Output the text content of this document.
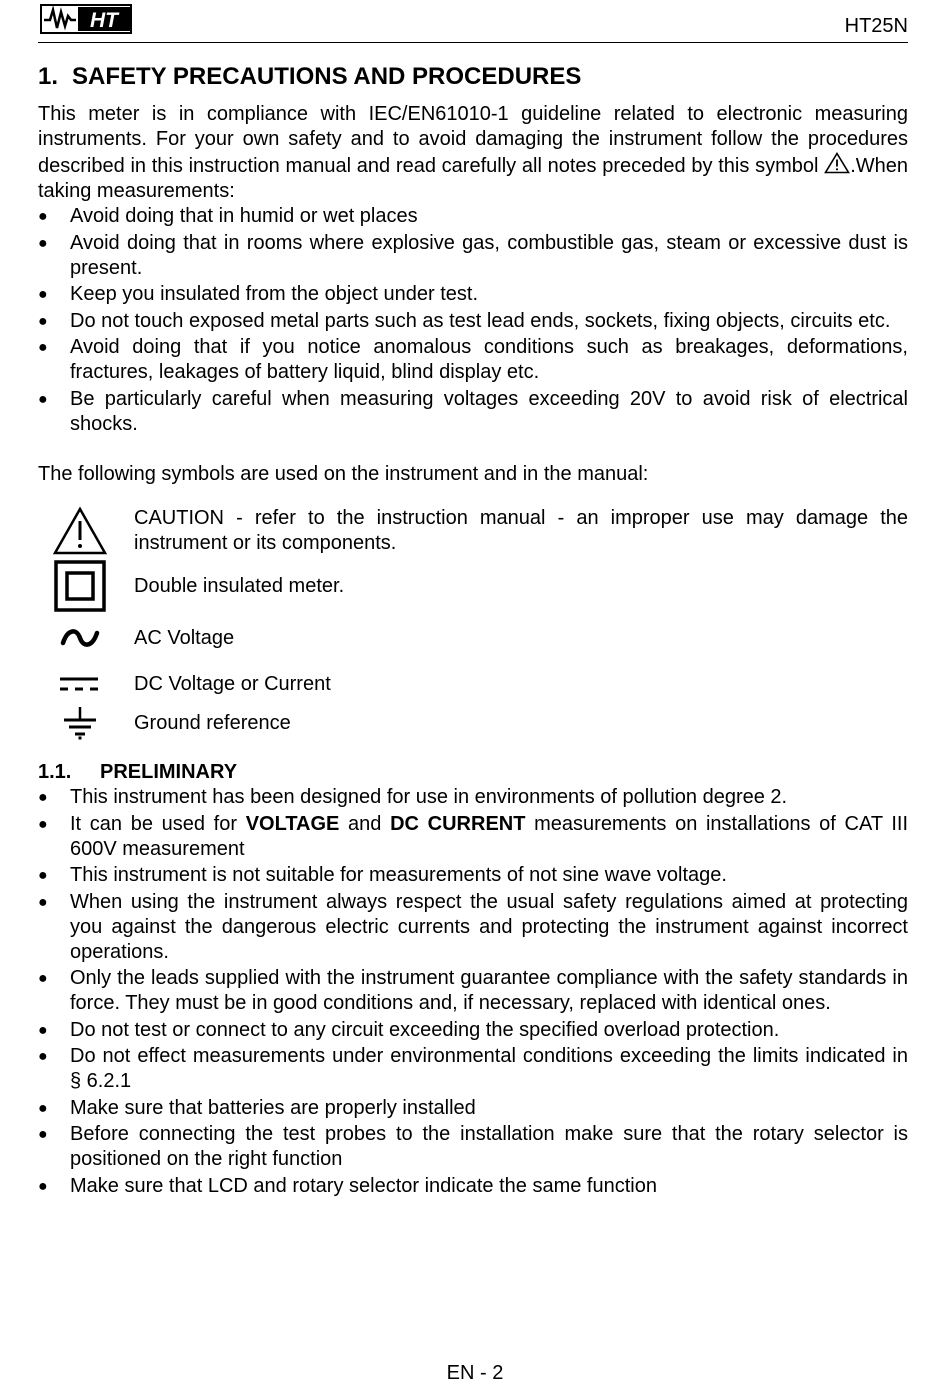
HT	HT25N
1. SAFETY PRECAUTIONS AND PROCEDURES

This meter is in compliance with IEC/EN61010-1 guideline related to electronic measuring instruments. For your own safety and to avoid damaging the instrument follow the procedures described in this instruction manual and read carefully all notes preceded by this symbol .When taking measurements:

● Avoid doing that in humid or wet places
● Avoid doing that in rooms where explosive gas, combustible gas, steam or excessive dust is present.
● Keep you insulated from the object under test.
● Do not touch exposed metal parts such as test lead ends, sockets, fixing objects, circuits etc.
● Avoid doing that if you notice anomalous conditions such as breakages, deformations, fractures, leakages of battery liquid, blind display etc.
● Be particularly careful when measuring voltages exceeding 20V to avoid risk of electrical shocks.

The following symbols are used on the instrument and in the manual:

CAUTION - refer to the instruction manual - an improper use may damage the instrument or its components.
Double insulated meter.
AC Voltage
DC Voltage or Current
Ground reference
1.1. PRELIMINARY
● This instrument has been designed for use in environments of pollution degree 2.
● It can be used for VOLTAGE and DC CURRENT measurements on installations of CAT III 600V measurement
● This instrument is not suitable for measurements of not sine wave voltage.
● When using the instrument always respect the usual safety regulations aimed at protecting you against the dangerous electric currents and protecting the instrument against incorrect operations.
● Only the leads supplied with the instrument guarantee compliance with the safety standards in force. They must be in good conditions and, if necessary, replaced with identical ones.
● Do not test or connect to any circuit exceeding the specified overload protection.
● Do not effect measurements under environmental conditions exceeding the limits indicated in § 6.2.1
● Make sure that batteries are properly installed
● Before connecting the test probes to the installation make sure that the rotary selector is positioned on the right function
● Make sure that LCD and rotary selector indicate the same function
EN - 2
